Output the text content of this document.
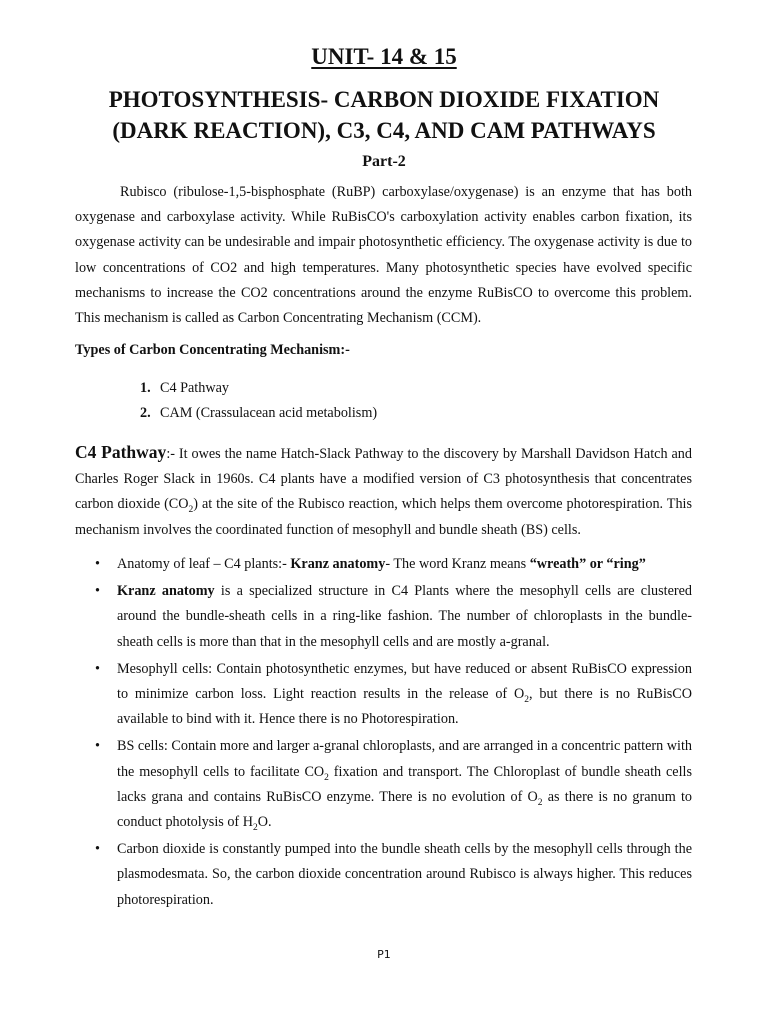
UNIT- 14 & 15
PHOTOSYNTHESIS- CARBON DIOXIDE FIXATION
(DARK REACTION), C3, C4, AND CAM PATHWAYS
Part-2
Rubisco (ribulose-1,5-bisphosphate (RuBP) carboxylase/oxygenase) is an enzyme that has both oxygenase and carboxylase activity. While RuBisCO's carboxylation activity enables carbon fixation, its oxygenase activity can be undesirable and impair photosynthetic efficiency. The oxygenase activity is due to low concentrations of CO2 and high temperatures. Many photosynthetic species have evolved specific mechanisms to increase the CO2 concentrations around the enzyme RuBisCO to overcome this problem. This mechanism is called as Carbon Concentrating Mechanism (CCM).
Types of Carbon Concentrating Mechanism:-
1. C4 Pathway
2. CAM (Crassulacean acid metabolism)
C4 Pathway:- It owes the name Hatch-Slack Pathway to the discovery by Marshall Davidson Hatch and Charles Roger Slack in 1960s. C4 plants have a modified version of C3 photosynthesis that concentrates carbon dioxide $(CO_2)$ at the site of the Rubisco reaction, which helps them overcome photorespiration. This mechanism involves the coordinated function of mesophyll and bundle sheath (BS) cells.
•	Anatomy of leaf – C4 plants:- Kranz anatomy- The word Kranz means “wreath” or “ring”
•	Kranz anatomy is a specialized structure in C4 Plants where the mesophyll cells are clustered around the bundle-sheath cells in a ring-like fashion. The number of chloroplasts in the bundle-sheath cells is more than that in the mesophyll cells and are mostly a-granal.
•	Mesophyll cells: Contain photosynthetic enzymes, but have reduced or absent RuBisCO expression to minimize carbon loss. Light reaction results in the release of $O_2$, but there is no RuBisCO available to bind with it. Hence there is no Photorespiration.
•	BS cells: Contain more and larger a-granal chloroplasts, and are arranged in a concentric pattern with the mesophyll cells to facilitate $CO_2$ fixation and transport. The Chloroplast of bundle sheath cells lacks grana and contains RuBisCO enzyme. There is no evolution of $O_2$ as there is no granum to conduct photolysis of $H_2O$.
•	Carbon dioxide is constantly pumped into the bundle sheath cells by the mesophyll cells through the plasmodesmata. So, the carbon dioxide concentration around Rubisco is always higher. This reduces photorespiration.
P1
